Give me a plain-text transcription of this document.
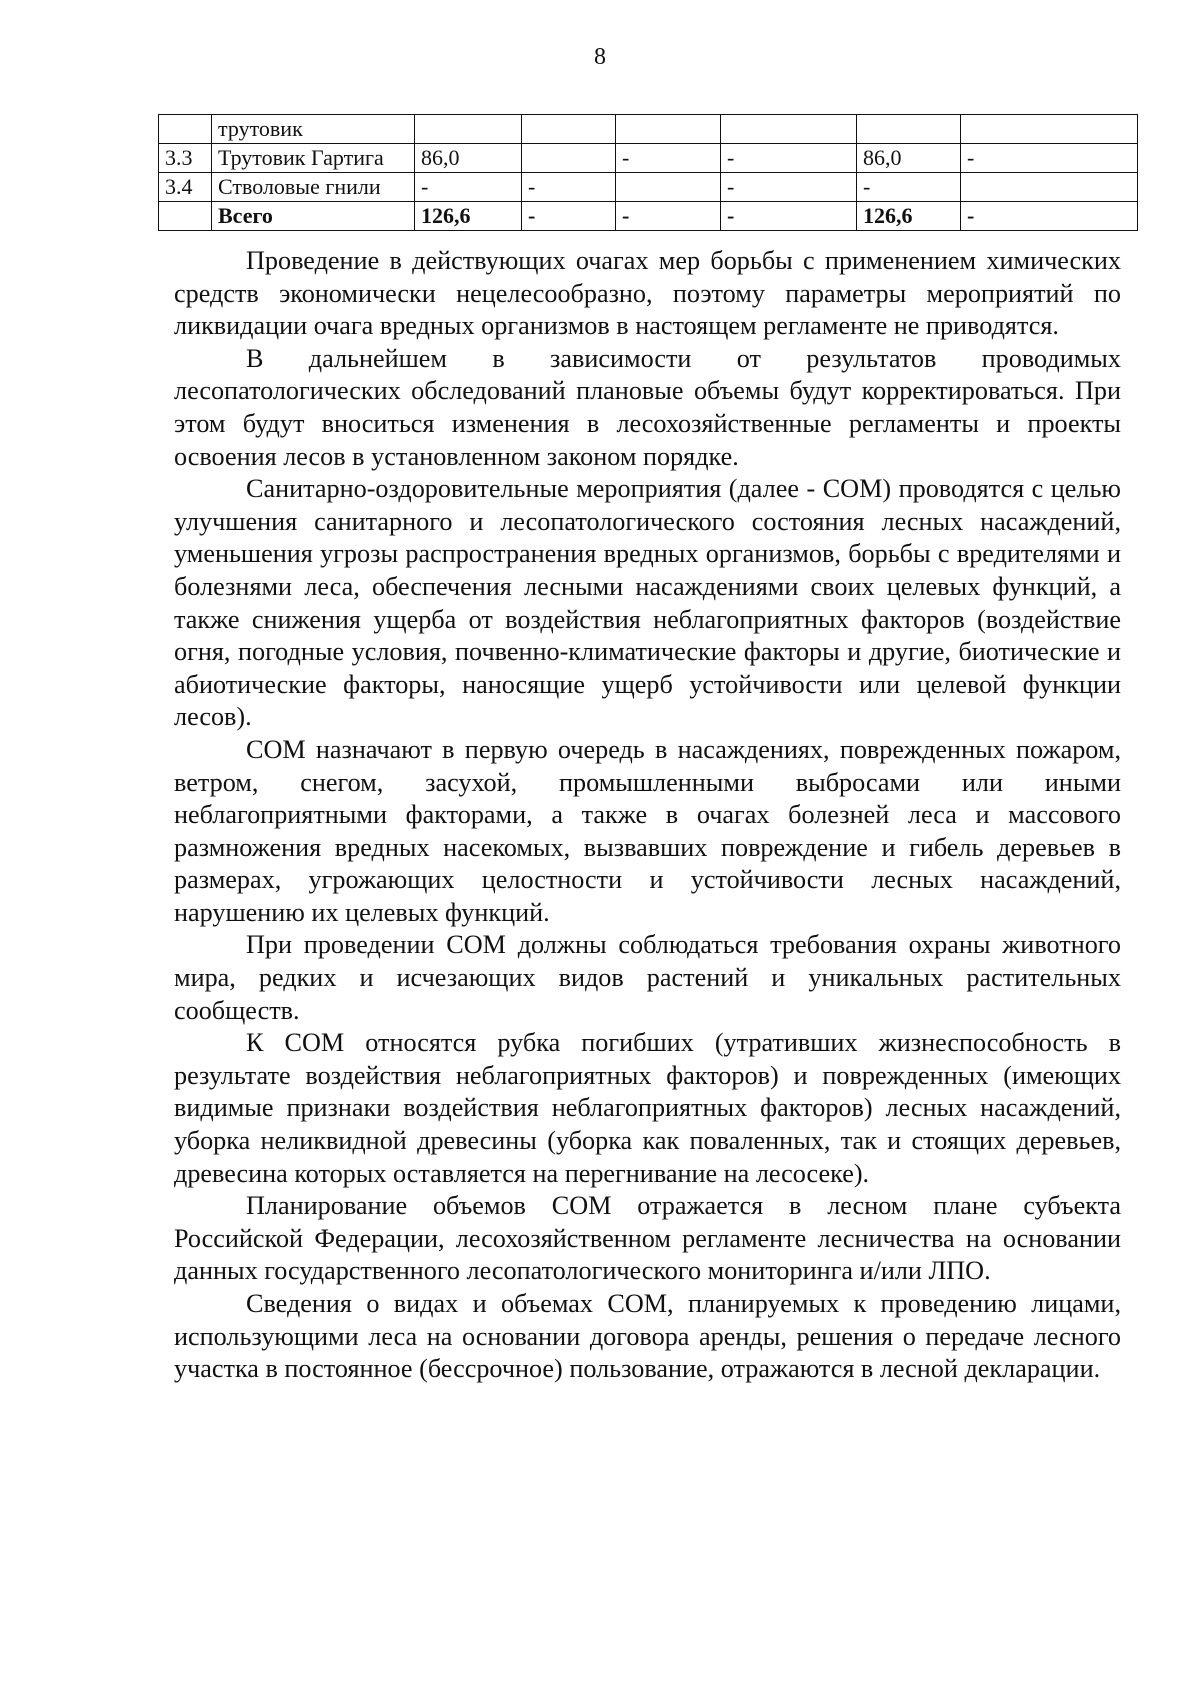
8
	трутовик						
3.3	Трутовик Гартига	86,0		-	-	86,0	-
3.4	Стволовые гнили	-	-		-	-	
	Всего	126,6	-	-	-	126,6	-

Проведение в действующих очагах мер борьбы с применением химических средств экономически нецелесообразно, поэтому параметры мероприятий по ликвидации очага вредных организмов в настоящем регламенте не приводятся.

В дальнейшем в зависимости от результатов проводимых лесопатологических обследований плановые объемы будут корректироваться. При этом будут вноситься изменения в лесохозяйственные регламенты и проекты освоения лесов в установленном законом порядке.

Санитарно-оздоровительные мероприятия (далее - СОМ) проводятся с целью улучшения санитарного и лесопатологического состояния лесных насаждений, уменьшения угрозы распространения вредных организмов, борьбы с вредителями и болезнями леса, обеспечения лесными насаждениями своих целевых функций, а также снижения ущерба от воздействия неблагоприятных факторов (воздействие огня, погодные условия, почвенно-климатические факторы и другие, биотические и абиотические факторы, наносящие ущерб устойчивости или целевой функции лесов).

СОМ назначают в первую очередь в насаждениях, поврежденных пожаром, ветром, снегом, засухой, промышленными выбросами или иными неблагоприятными факторами, а также в очагах болезней леса и массового размножения вредных насекомых, вызвавших повреждение и гибель деревьев в размерах, угрожающих целостности и устойчивости лесных насаждений, нарушению их целевых функций.

При проведении СОМ должны соблюдаться требования охраны животного мира, редких и исчезающих видов растений и уникальных растительных сообществ.

К СОМ относятся рубка погибших (утративших жизнеспособность в результате воздействия неблагоприятных факторов) и поврежденных (имеющих видимые признаки воздействия неблагоприятных факторов) лесных насаждений, уборка неликвидной древесины (уборка как поваленных, так и стоящих деревьев, древесина которых оставляется на перегнивание на лесосеке).

Планирование объемов СОМ отражается в лесном плане субъекта Российской Федерации, лесохозяйственном регламенте лесничества на основании данных государственного лесопатологического мониторинга и/или ЛПО.

Сведения о видах и объемах СОМ, планируемых к проведению лицами, использующими леса на основании договора аренды, решения о передаче лесного участка в постоянное (бессрочное) пользование, отражаются в лесной декларации.
